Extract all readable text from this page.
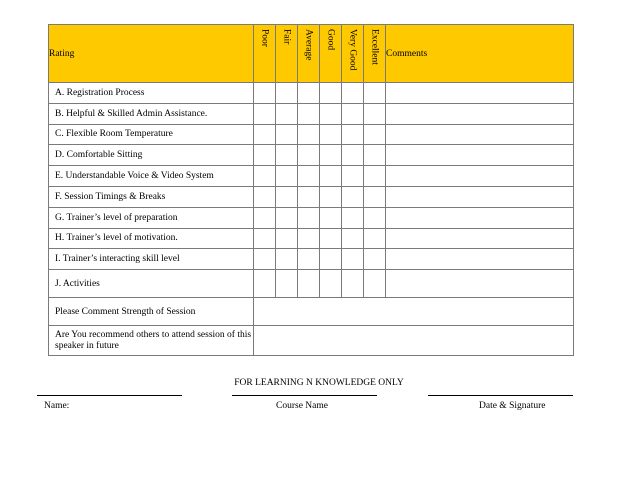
Rating	Poor	Fair	Average	Good	Very Good	Excellent	Comments
A. Registration Process							
B. Helpful & Skilled Admin Assistance.							
C. Flexible Room Temperature							
D. Comfortable Sitting							
E. Understandable Voice & Video System							
F. Session Timings & Breaks							
G. Trainer’s level of preparation							
H. Trainer’s level of motivation.							
I. Trainer’s interacting skill level							
J. Activities							
Please Comment Strength of Session							
Are You recommend others to attend session of this speaker in future							
FOR LEARNING N KNOWLEDGE ONLY
Name:	Course Name	Date & Signature
